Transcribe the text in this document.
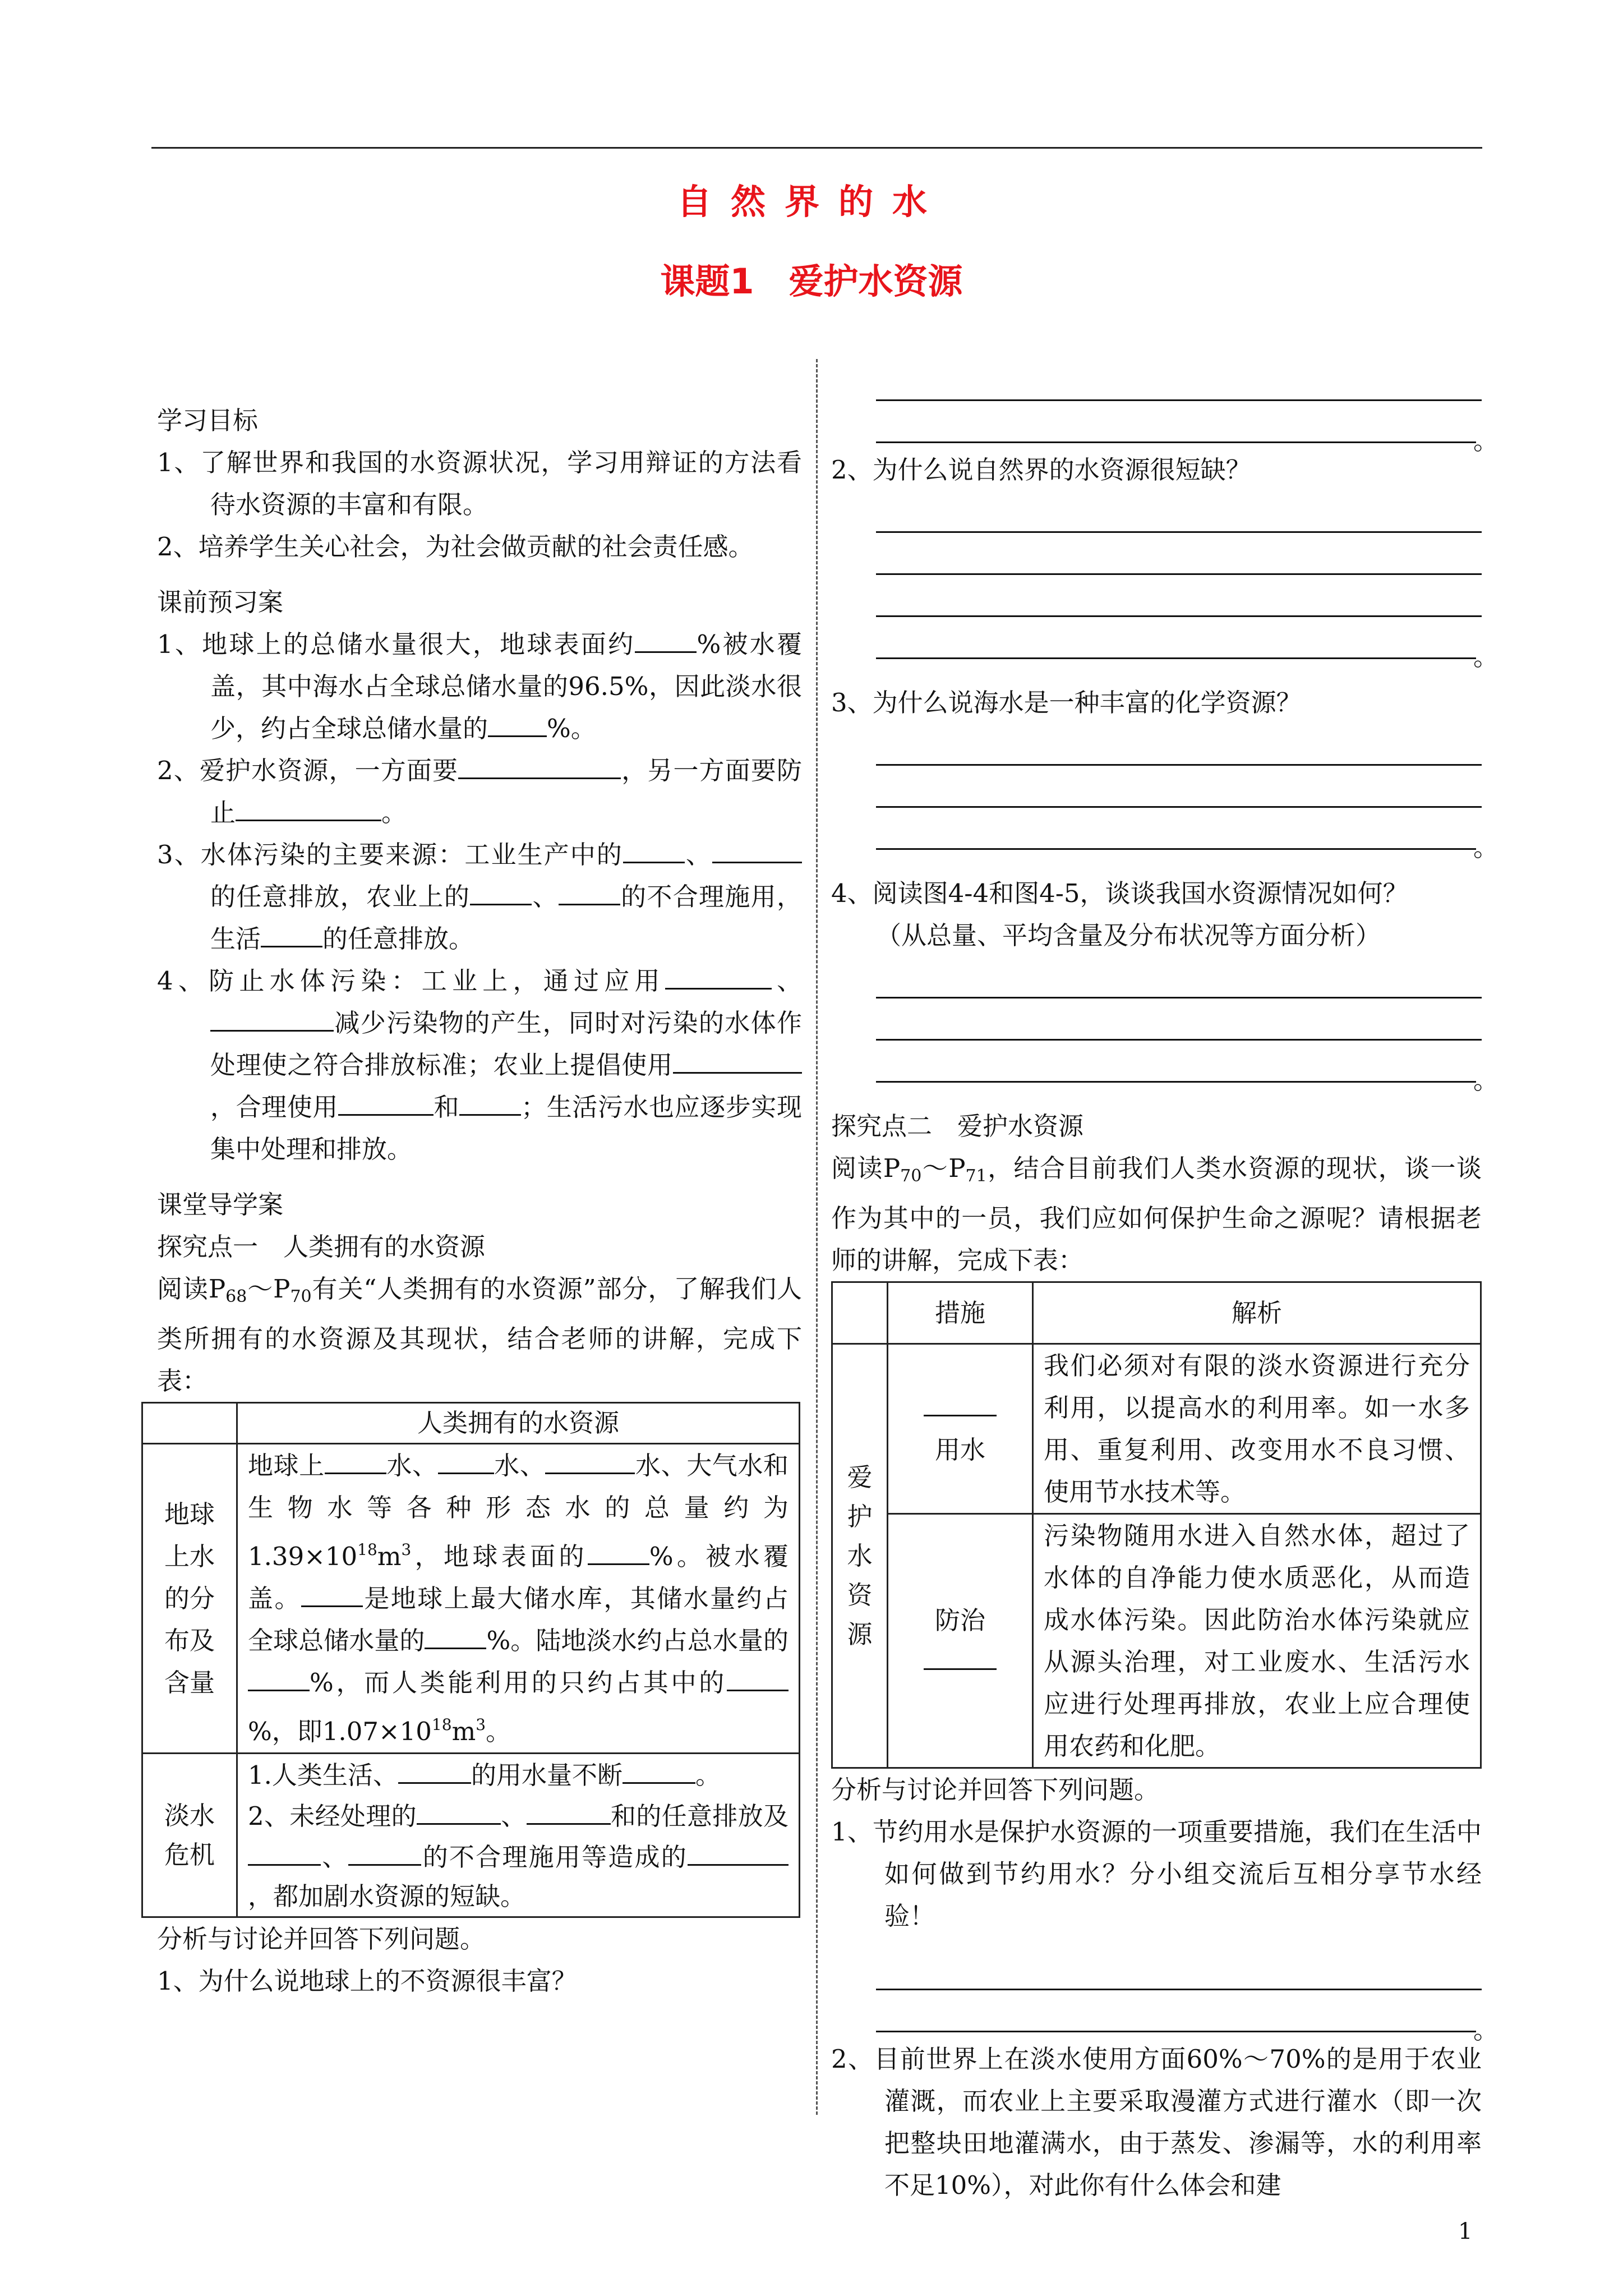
自然界的水
课题1　爱护水资源

学习目标

1、了解世界和我国的水资源状况，学习用辩证的方法看待水资源的丰富和有限。

2、培养学生关心社会，为社会做贡献的社会责任感。

课前预习案

1、地球上的总储水量很大，地球表面约 %被水覆盖，其中海水占全球总储水量的96.5%，因此淡水很少，约占全球总储水量的 %。

2、爱护水资源，一方面要	，另一方面要防止	。

3、水体污染的主要来源：工业生产中的 、的任意排放，农业上的 、 的不合理施用，生活 的任意排放。

4、防止水体污染：工业上，通过应用	、减少污染物的产生，同时对污染的水体作处理使之符合排放标准；农业上提倡使用，合理使用	和 ；生活污水也应逐步实现集中处理和排放。

课堂导学案

探究点一　人类拥有的水资源

阅读$P_{68}\sim P_{70}$有关“人类拥有的水资源”部分，了解我们人类所拥有的水资源及其现状，结合老师的讲解，完成下表：

	人类拥有的水资源
地球上水的分布及含量	地球上 水、 水、 水、大气水和生物水等各种形态水的总量约为$1.39\times 10^{18}m^3$，地球表面的 %。被水覆盖。 是地球上最大储水库，其储水量约占全球总储水量的 %。陆地淡水约占总水量的%，而人类能利用的只约占其中的%，即$1.07\times 10^{18}m^3$。
淡水危机	1.人类生活、 的用水量不断 。
2、未经处理的 、 和的任意排放及、 的不合理施用等造成的，都加剧水资源的短缺。

分析与讨论并回答下列问题。

1、为什么说地球上的不资源很丰富？

。

2、为什么说自然界的水资源很短缺？

。

3、为什么说海水是一种丰富的化学资源？

。

4、阅读图4-4和图4-5，谈谈我国水资源情况如何？

（从总量、平均含量及分布状况等方面分析）

。

探究点二　爱护水资源

阅读$P_{70}\sim P_{71}$，结合目前我们人类水资源的现状，谈一谈作为其中的一员，我们应如何保护生命之源呢？请根据老师的讲解，完成下表：

	措施	解析
爱护水资源	用水	我们必须对有限的淡水资源进行充分利用，以提高水的利用率。如一水多用、重复利用、改变用水不良习惯、使用节水技术等。
	防治	污染物随用水进入自然水体，超过了水体的自净能力使水质恶化，从而造成水体污染。因此防治水体污染就应从源头治理，对工业废水、生活污水应进行处理再排放，农业上应合理使用农药和化肥。

分析与讨论并回答下列问题。

1、节约用水是保护水资源的一项重要措施，我们在生活中如何做到节约用水？分小组交流后互相分享节水经验！

。

2、目前世界上在淡水使用方面60%～70%的是用于农业灌溉，而农业上主要采取漫灌方式进行灌水（即一次把整块田地灌满水，由于蒸发、渗漏等，水的利用率不足10%），对此你有什么体会和建

1
